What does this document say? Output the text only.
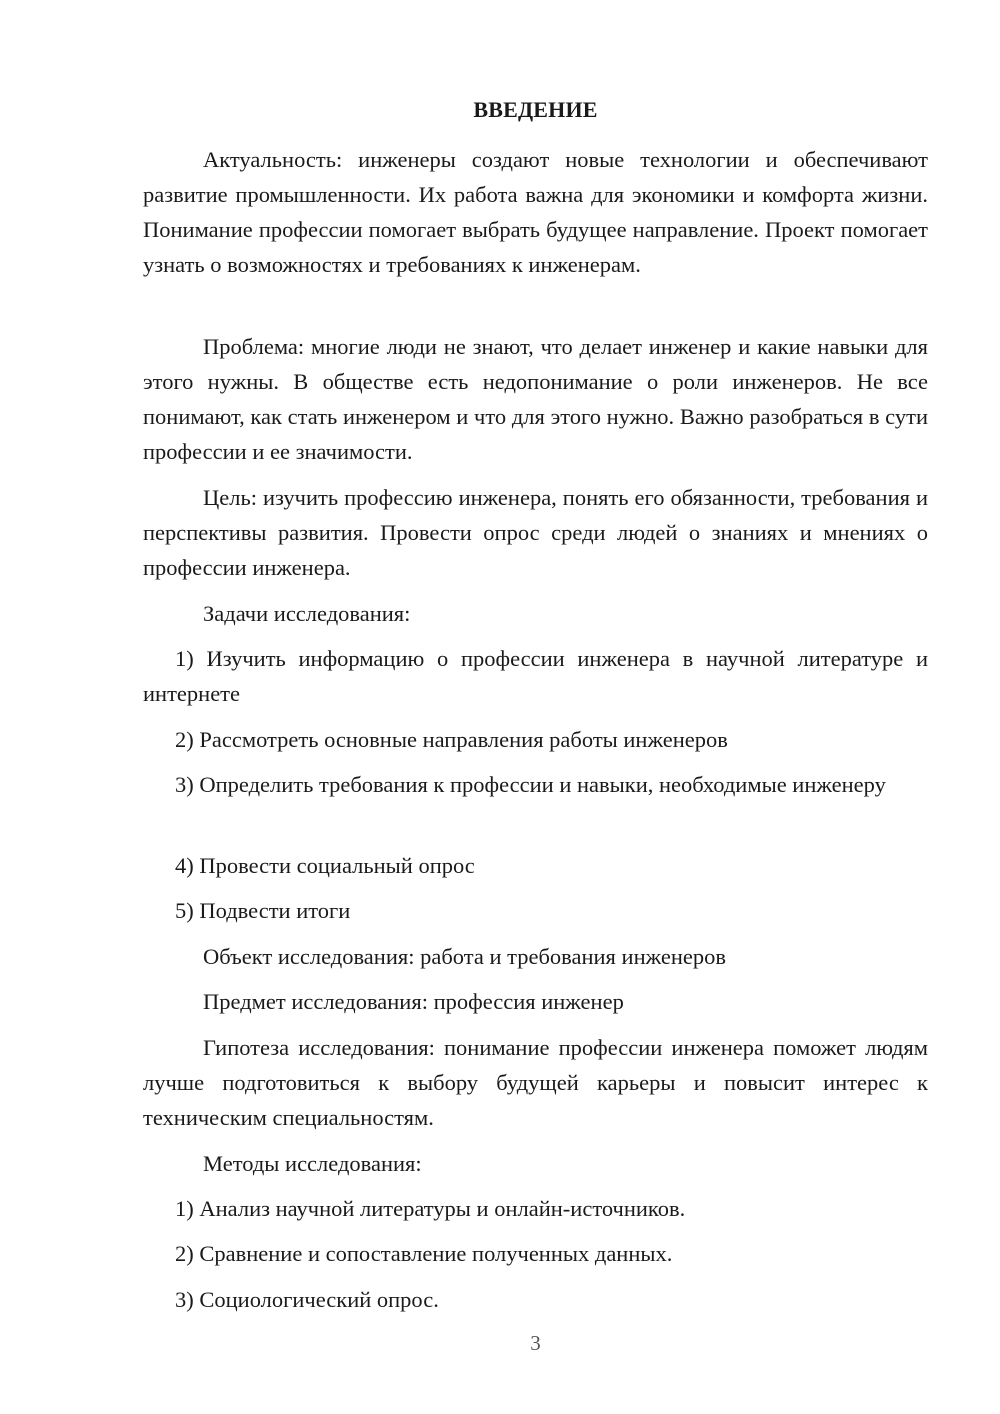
ВВЕДЕНИЕ

Актуальность: инженеры создают новые технологии и обеспечивают развитие промышленности. Их работа важна для экономики и комфорта жизни. Понимание профессии помогает выбрать будущее направление. Проект помогает узнать о возможностях и требованиях к инженерам.

Проблема: многие люди не знают, что делает инженер и какие навыки для этого нужны. В обществе есть недопонимание о роли инженеров. Не все понимают, как стать инженером и что для этого нужно. Важно разобраться в сути профессии и ее значимости.

Цель: изучить профессию инженера, понять его обязанности, требования и перспективы развития. Провести опрос среди людей о знаниях и мнениях о профессии инженера.

Задачи исследования:

1) Изучить информацию о профессии инженера в научной литературе и интернете

2) Рассмотреть основные направления работы инженеров

3) Определить требования к профессии и навыки, необходимые инженеру

4) Провести социальный опрос

5) Подвести итоги

Объект исследования: работа и требования инженеров

Предмет исследования: профессия инженер

Гипотеза исследования: понимание профессии инженера поможет людям лучше подготовиться к выбору будущей карьеры и повысит интерес к техническим специальностям.

Методы исследования:

1) Анализ научной литературы и онлайн-источников.

2) Сравнение и сопоставление полученных данных.

3) Социологический опрос.

3
